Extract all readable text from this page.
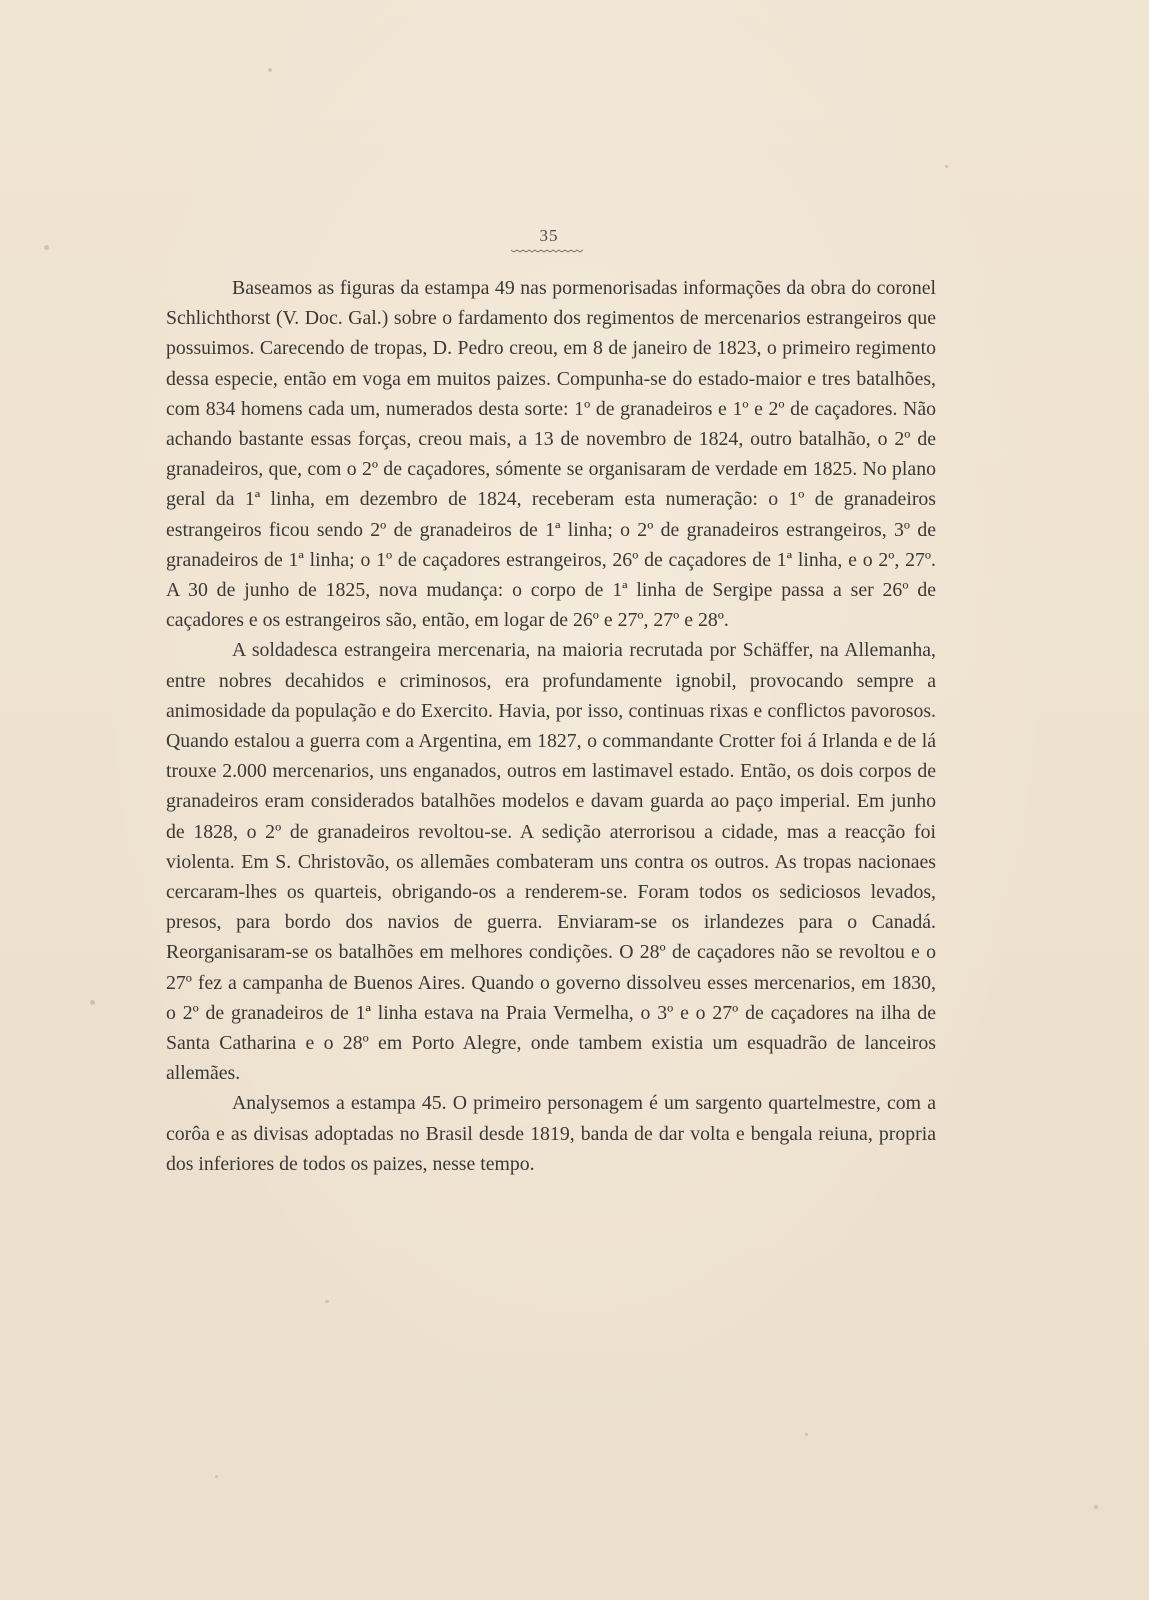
35

Baseamos as figuras da estampa 49 nas pormenorisadas informações da obra do coronel Schlichthorst (V. Doc. Gal.) sobre o fardamento dos regimentos de mercenarios estrangeiros que possuimos. Carecendo de tropas, D. Pedro creou, em 8 de janeiro de 1823, o primeiro regimento dessa especie, então em voga em muitos paizes. Compunha-se do estado-maior e tres batalhões, com 834 homens cada um, numerados desta sorte: 1º de granadeiros e 1º e 2º de caçadores. Não achando bastante essas forças, creou mais, a 13 de novembro de 1824, outro batalhão, o 2º de granadeiros, que, com o 2º de caçadores, sómente se organisaram de verdade em 1825. No plano geral da 1ª linha, em dezembro de 1824, receberam esta numeração: o 1º de granadeiros estrangeiros ficou sendo 2º de granadeiros de 1ª linha; o 2º de granadeiros estrangeiros, 3º de granadeiros de 1ª linha; o 1º de caçadores estrangeiros, 26º de caçadores de 1ª linha, e o 2º, 27º. A 30 de junho de 1825, nova mudança: o corpo de 1ª linha de Sergipe passa a ser 26º de caçadores e os estrangeiros são, então, em logar de 26º e 27º, 27º e 28º.

A soldadesca estrangeira mercenaria, na maioria recrutada por Schäffer, na Allemanha, entre nobres decahidos e criminosos, era profundamente ignobil, provocando sempre a animosidade da população e do Exercito. Havia, por isso, continuas rixas e conflictos pavorosos. Quando estalou a guerra com a Argentina, em 1827, o commandante Crotter foi á Irlanda e de lá trouxe 2.000 mercenarios, uns enganados, outros em lastimavel estado. Então, os dois corpos de granadeiros eram considerados batalhões modelos e davam guarda ao paço imperial. Em junho de 1828, o 2º de granadeiros revoltou-se. A sedição aterrorisou a cidade, mas a reacção foi violenta. Em S. Christovão, os allemães combateram uns contra os outros. As tropas nacionaes cercaram-lhes os quarteis, obrigando-os a renderem-se. Foram todos os sediciosos levados, presos, para bordo dos navios de guerra. Enviaram-se os irlandezes para o Canadá. Reorganisaram-se os batalhões em melhores condições. O 28º de caçadores não se revoltou e o 27º fez a campanha de Buenos Aires. Quando o governo dissolveu esses mercenarios, em 1830, o 2º de granadeiros de 1ª linha estava na Praia Vermelha, o 3º e o 27º de caçadores na ilha de Santa Catharina e o 28º em Porto Alegre, onde tambem existia um esquadrão de lanceiros allemães.

Analysemos a estampa 45. O primeiro personagem é um sargento quartelmestre, com a corôa e as divisas adoptadas no Brasil desde 1819, banda de dar volta e bengala reiuna, propria dos inferiores de todos os paizes, nesse tempo.
